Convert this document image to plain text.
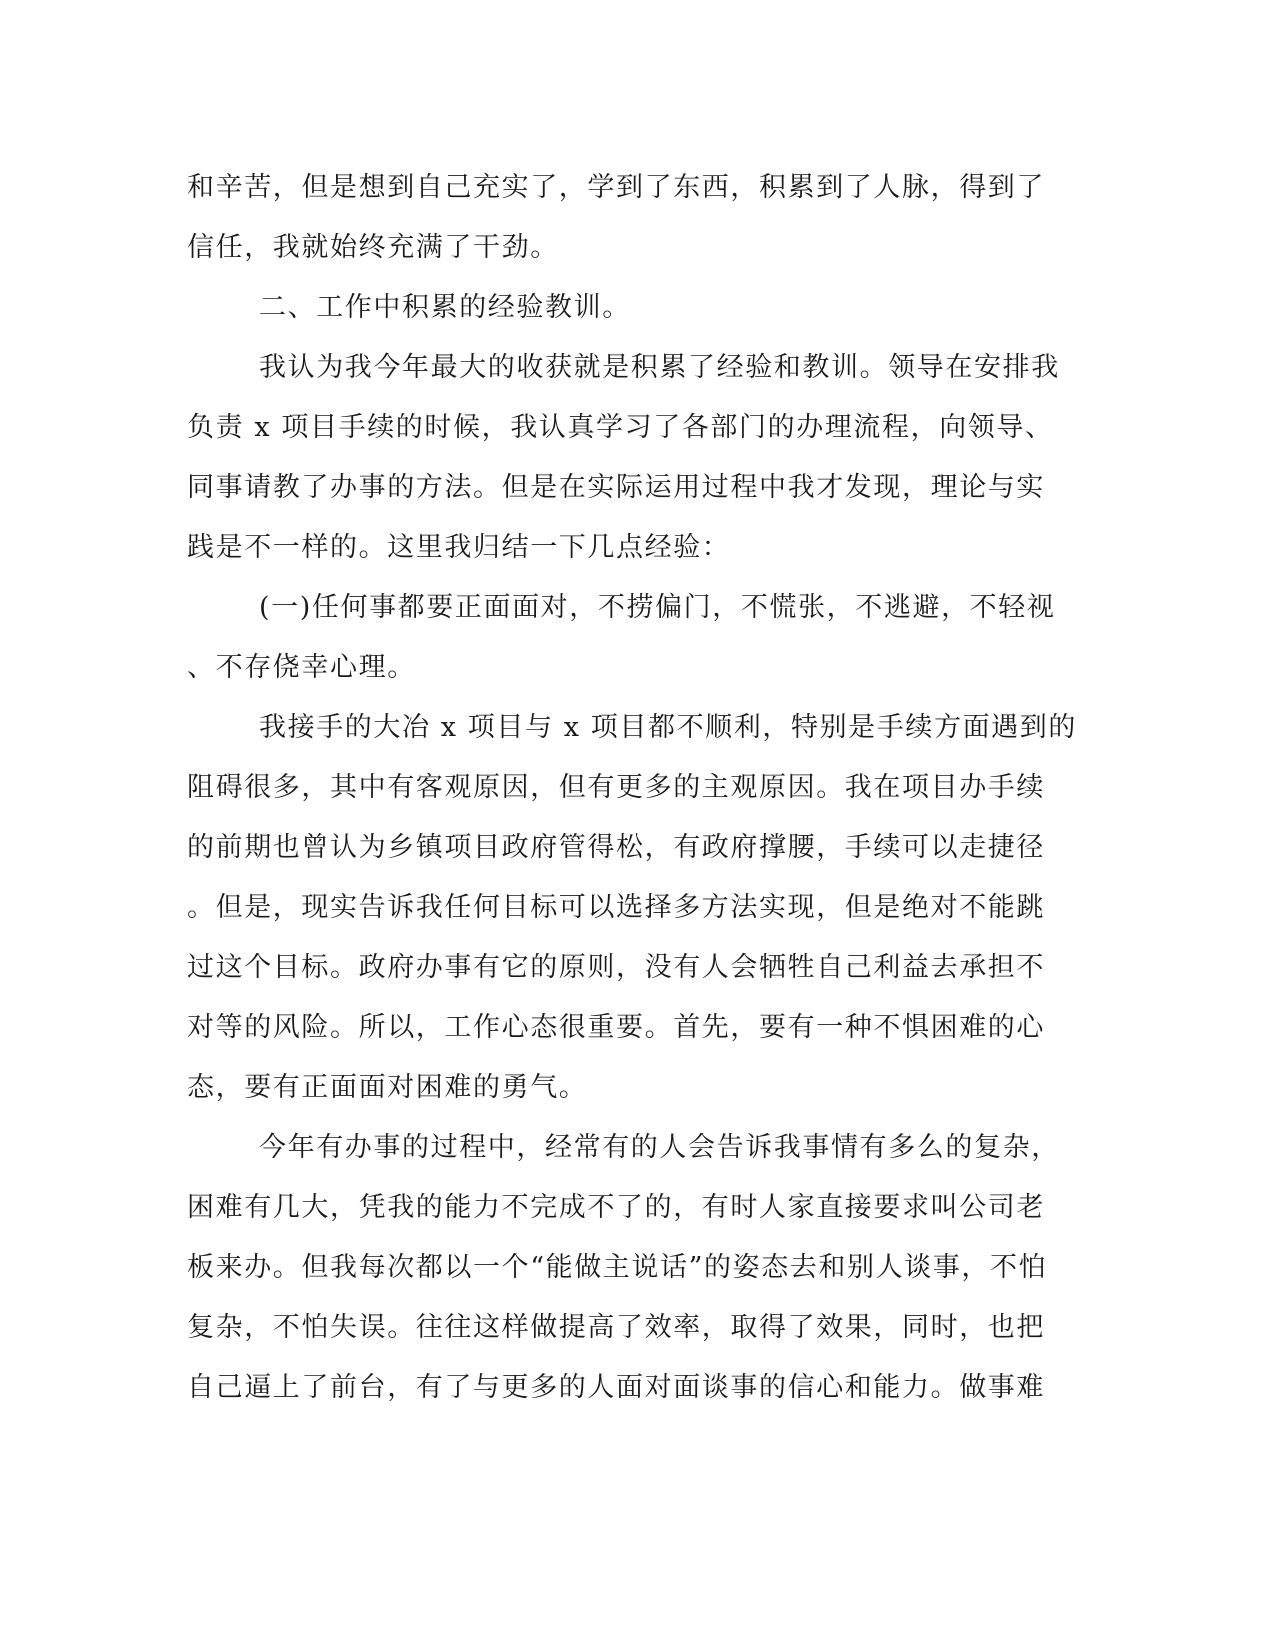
和辛苦，但是想到自己充实了，学到了东西，积累到了人脉，得到了
信任，我就始终充满了干劲。
二、工作中积累的经验教训。
我认为我今年最大的收获就是积累了经验和教训。领导在安排我
负责 x 项目手续的时候，我认真学习了各部门的办理流程，向领导、
同事请教了办事的方法。但是在实际运用过程中我才发现，理论与实
践是不一样的。这里我归结一下几点经验：
(一)任何事都要正面面对，不捞偏门，不慌张，不逃避，不轻视
、不存侥幸心理。
我接手的大冶 x 项目与 x 项目都不顺利，特别是手续方面遇到的
阻碍很多，其中有客观原因，但有更多的主观原因。我在项目办手续
的前期也曾认为乡镇项目政府管得松，有政府撑腰，手续可以走捷径
。但是，现实告诉我任何目标可以选择多方法实现，但是绝对不能跳
过这个目标。政府办事有它的原则，没有人会牺牲自己利益去承担不
对等的风险。所以，工作心态很重要。首先，要有一种不惧困难的心
态，要有正面面对困难的勇气。
今年有办事的过程中，经常有的人会告诉我事情有多么的复杂，
困难有几大，凭我的能力不完成不了的，有时人家直接要求叫公司老
板来办。但我每次都以一个“能做主说话”的姿态去和别人谈事，不怕
复杂，不怕失误。往往这样做提高了效率，取得了效果，同时，也把
自己逼上了前台，有了与更多的人面对面谈事的信心和能力。做事难
